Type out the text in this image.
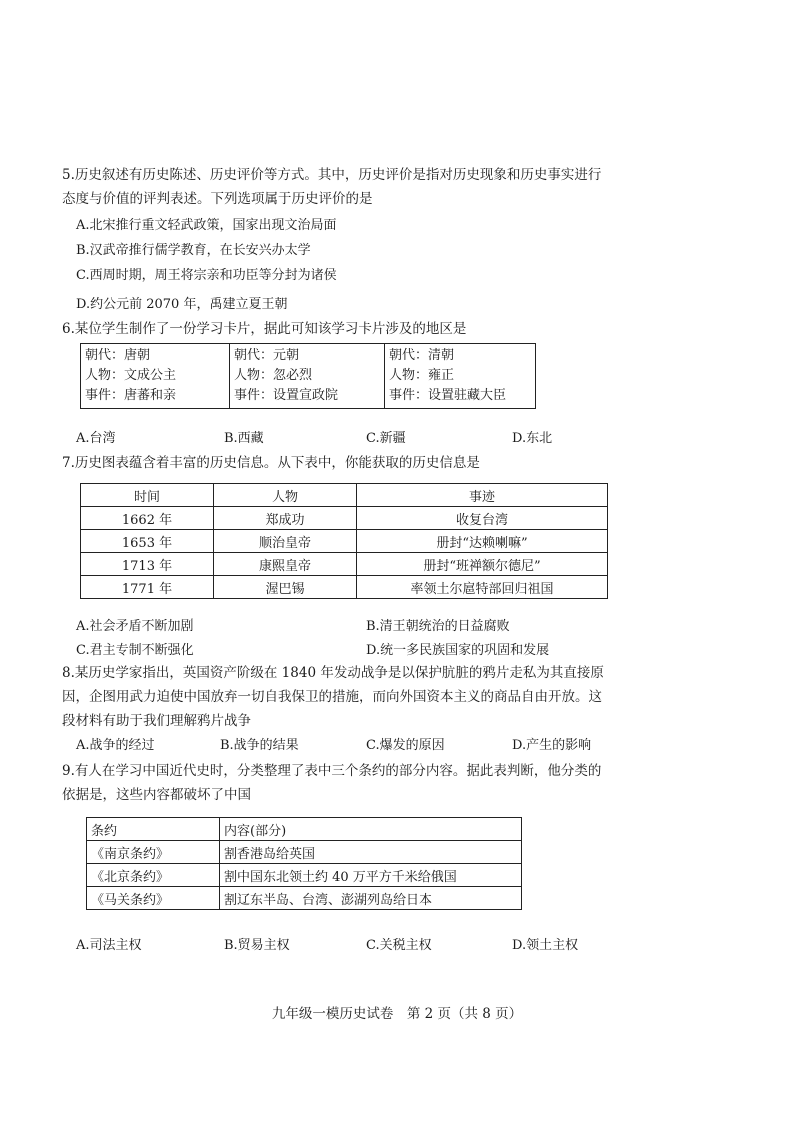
5.历史叙述有历史陈述、历史评价等方式。其中，历史评价是指对历史现象和历史事实进行
态度与价值的评判表述。下列选项属于历史评价的是
A.北宋推行重文轻武政策，国家出现文治局面
B.汉武帝推行儒学教育，在长安兴办太学
C.西周时期，周王将宗亲和功臣等分封为诸侯
D.约公元前 2070 年，禹建立夏王朝
6.某位学生制作了一份学习卡片，据此可知该学习卡片涉及的地区是
朝代：唐朝
人物：文成公主
事件：唐蕃和亲

朝代：元朝
人物：忽必烈
事件：设置宣政院

朝代：清朝
人物：雍正
事件：设置驻藏大臣
A.台湾	B.西藏	C.新疆	D.东北
7.历史图表蕴含着丰富的历史信息。从下表中，你能获取的历史信息是
时间	人物	事迹
1662 年	郑成功	收复台湾
1653 年	顺治皇帝	册封“达赖喇嘛”
1713 年	康熙皇帝	册封“班禅额尔德尼”
1771 年	渥巴锡	率领土尔扈特部回归祖国
A.社会矛盾不断加剧	B.清王朝统治的日益腐败
C.君主专制不断强化	D.统一多民族国家的巩固和发展
8.某历史学家指出，英国资产阶级在 1840 年发动战争是以保护肮脏的鸦片走私为其直接原
因，企图用武力迫使中国放弃一切自我保卫的措施，而向外国资本主义的商品自由开放。这
段材料有助于我们理解鸦片战争
A.战争的经过	B.战争的结果	C.爆发的原因	D.产生的影响
9.有人在学习中国近代史时，分类整理了表中三个条约的部分内容。据此表判断，他分类的
依据是，这些内容都破坏了中国
条约	内容(部分)
《南京条约》	割香港岛给英国
《北京条约》	割中国东北领土约 40 万平方千米给俄国
《马关条约》	割辽东半岛、台湾、澎湖列岛给日本
A.司法主权	B.贸易主权	C.关税主权	D.领土主权
九年级一模历史试卷　第 2 页（共 8 页）
